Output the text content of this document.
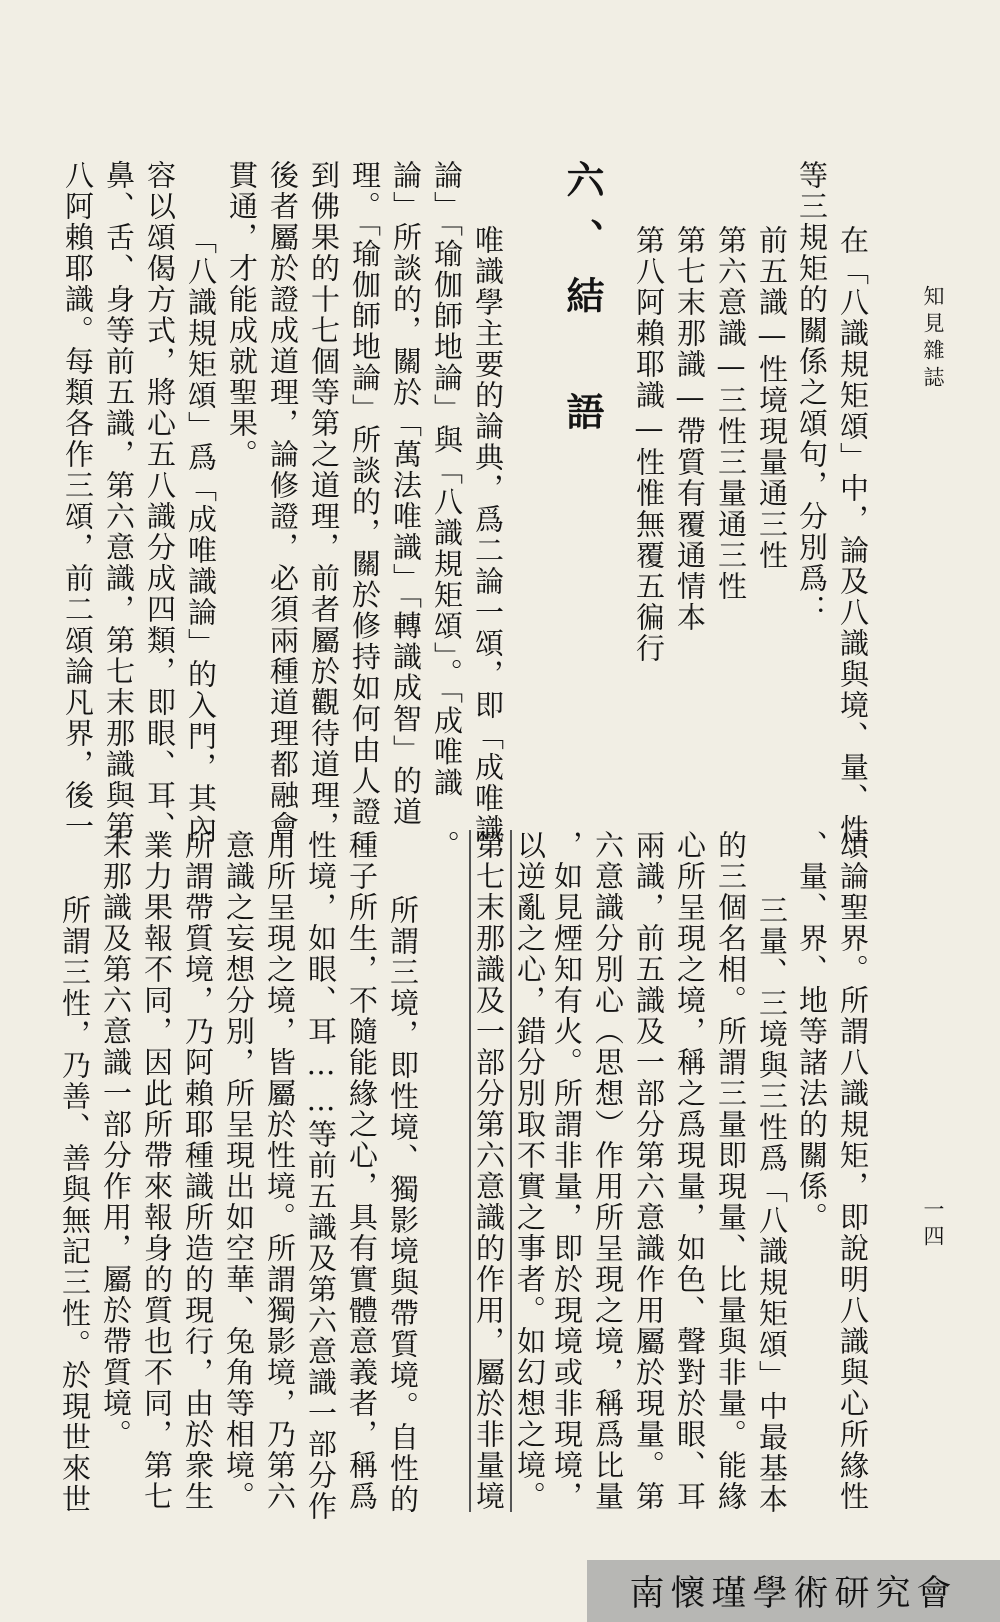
知見雜誌
一四
在「八識規矩頌」中，論及八識與境、量、性
等三規矩的關係之頌句，分別爲：
前五識—性境現量通三性
第六意識—三性三量通三性
第七末那識—帶質有覆通情本
第八阿賴耶識—性惟無覆五徧行
六、結　語
唯識學主要的論典，爲二論一頌，即「成唯識
論」「瑜伽師地論」與「八識規矩頌」。「成唯識
論」所談的，關於「萬法唯識」「轉識成智」的道
理。「瑜伽師地論」所談的，關於修持如何由人證
到佛果的十七個等第之道理，前者屬於觀待道理，
後者屬於證成道理，論修證，必須兩種道理都融會
貫通，才能成就聖果。
「八識規矩頌」爲「成唯識論」的入門，其內
容以頌偈方式，將心五八識分成四類，即眼、耳、
鼻、舌、身等前五識，第六意識，第七末那識與第
八阿賴耶識。每類各作三頌，前二頌論凡界，後一
頌論聖界。所謂八識規矩，即說明八識與心所緣性
、量、界、地等諸法的關係。
三量、三境與三性爲「八識規矩頌」中最基本
的三個名相。所謂三量即現量、比量與非量。能緣
心所呈現之境，稱之爲現量，如色、聲對於眼、耳
兩識，前五識及一部分第六意識作用屬於現量。第
六意識分別心（思想）作用所呈現之境，稱爲比量
，如見煙知有火。所謂非量，即於現境或非現境，
以逆亂之心，錯分別取不實之事者。如幻想之境。
第七末那識及一部分第六意識的作用，屬於非量境
。
所謂三境，即性境、獨影境與帶質境。自性的
種子所生，不隨能緣之心，具有實體意義者，稱爲
性境，如眼、耳……等前五識及第六意識一部分作
用所呈現之境，皆屬於性境。所謂獨影境，乃第六
意識之妄想分別，所呈現出如空華、兔角等相境。
所謂帶質境，乃阿賴耶種識所造的現行，由於衆生
業力果報不同，因此所帶來報身的質也不同，第七
末那識及第六意識一部分作用，屬於帶質境。
所謂三性，乃善、善與無記三性。於現世來世
南懷瑾學術研究會
